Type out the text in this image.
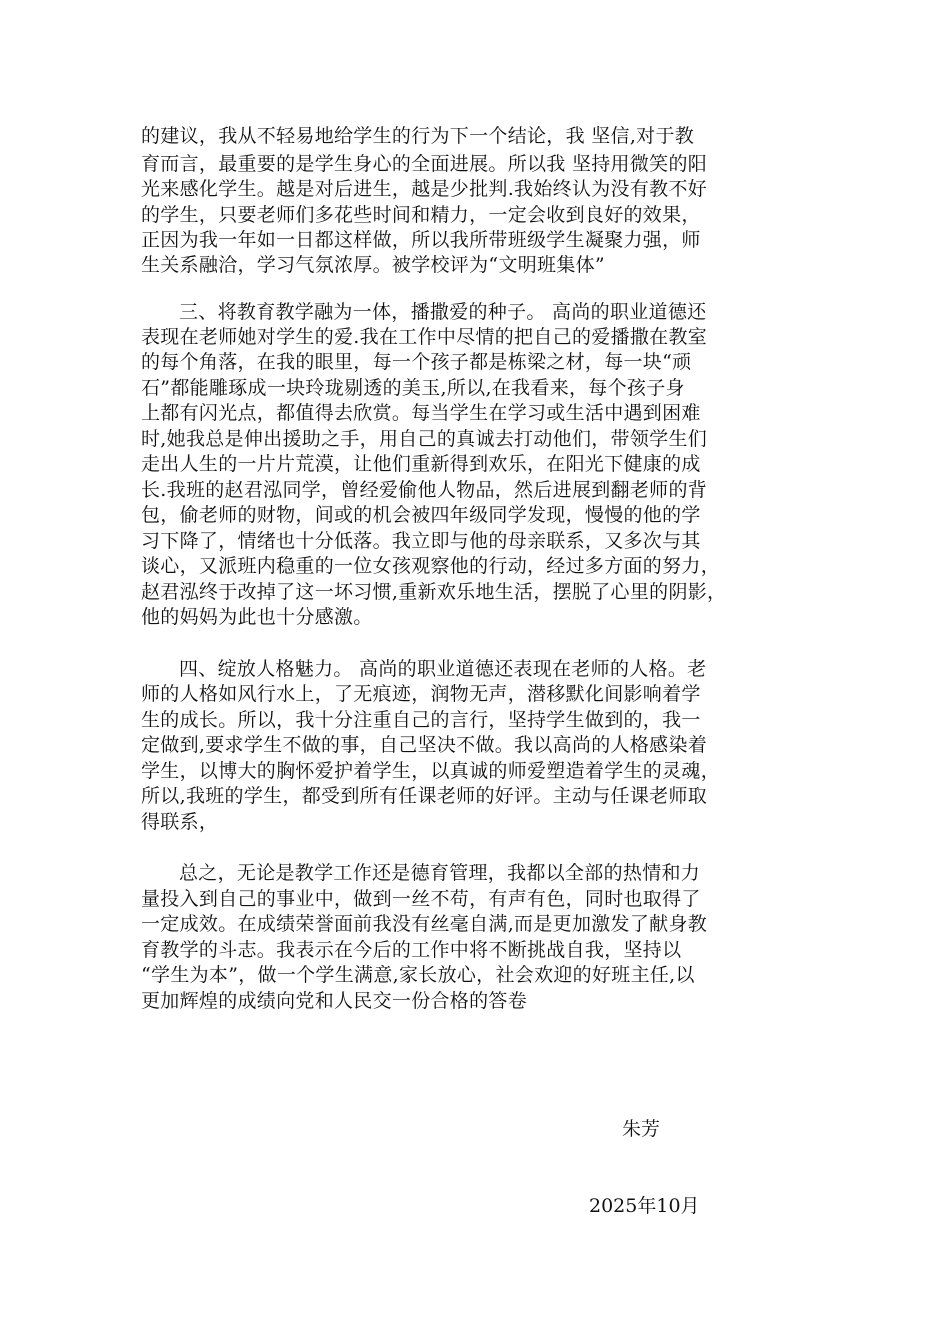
的建议，我从不轻易地给学生的行为下一个结论，我 坚信,对于教
育而言，最重要的是学生身心的全面进展。所以我 坚持用微笑的阳
光来感化学生。越是对后进生，越是少批判.我始终认为没有教不好
的学生，只要老师们多花些时间和精力，一定会收到良好的效果，
正因为我一年如一日都这样做，所以我所带班级学生凝聚力强，师
生关系融洽，学习气氛浓厚。被学校评为“文明班集体”
三、将教育教学融为一体，播撒爱的种子。 高尚的职业道德还
表现在老师她对学生的爱.我在工作中尽情的把自己的爱播撒在教室
的每个角落，在我的眼里，每一个孩子都是栋梁之材，每一块“顽
石”都能雕琢成一块玲珑剔透的美玉,所以,在我看来，每个孩子身
上都有闪光点，都值得去欣赏。每当学生在学习或生活中遇到困难
时,她我总是伸出援助之手，用自己的真诚去打动他们，带领学生们
走出人生的一片片荒漠，让他们重新得到欢乐，在阳光下健康的成
长.我班的赵君泓同学，曾经爱偷他人物品，然后进展到翻老师的背
包，偷老师的财物，间或的机会被四年级同学发现，慢慢的他的学
习下降了，情绪也十分低落。我立即与他的母亲联系，又多次与其
谈心，又派班内稳重的一位女孩观察他的行动，经过多方面的努力，
赵君泓终于改掉了这一坏习惯,重新欢乐地生活，摆脱了心里的阴影，
他的妈妈为此也十分感激。
四、绽放人格魅力。 高尚的职业道德还表现在老师的人格。老
师的人格如风行水上，了无痕迹，润物无声，潜移默化间影响着学
生的成长。所以，我十分注重自己的言行，坚持学生做到的，我一
定做到,要求学生不做的事，自己坚决不做。我以高尚的人格感染着
学生，以博大的胸怀爱护着学生，以真诚的师爱塑造着学生的灵魂，
所以,我班的学生，都受到所有任课老师的好评。主动与任课老师取
得联系，
总之，无论是教学工作还是德育管理，我都以全部的热情和力
量投入到自己的事业中，做到一丝不苟，有声有色，同时也取得了
一定成效。在成绩荣誉面前我没有丝毫自满,而是更加激发了献身教
育教学的斗志。我表示在今后的工作中将不断挑战自我，坚持以
“学生为本”，做一个学生满意,家长放心，社会欢迎的好班主任,以
更加辉煌的成绩向党和人民交一份合格的答卷
朱芳
2025年10月
